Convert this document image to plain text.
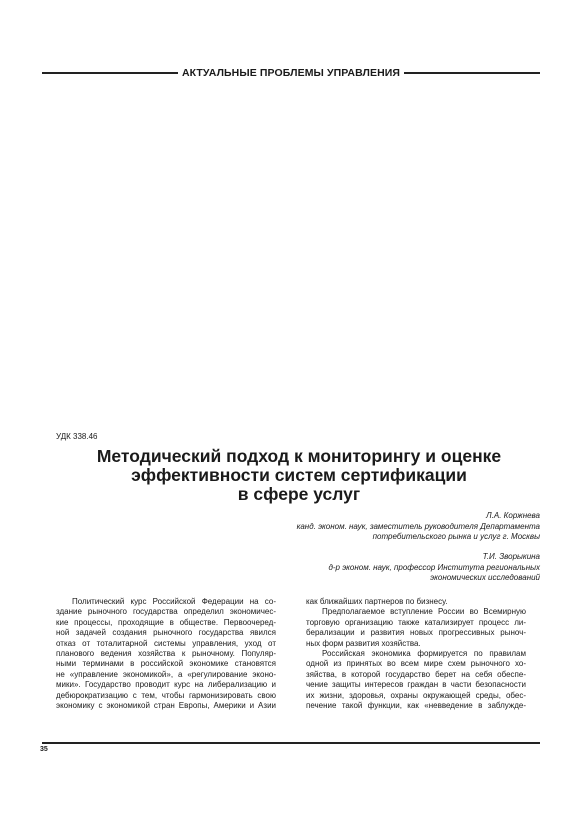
АКТУАЛЬНЫЕ ПРОБЛЕМЫ УПРАВЛЕНИЯ
УДК 338.46
Методический подход к мониторингу и оценке
эффективности систем сертификации
в сфере услуг
Л.А. Коржнева
канд. эконом. наук, заместитель руководителя Департамента
потребительского рынка и услуг г. Москвы
Т.И. Зворыкина
д-р эконом. наук, профессор Института региональных
экономических исследований
Политический курс Российской Федерации на со-
здание рыночного государства определил экономичес-
кие процессы, проходящие в обществе. Первоочеред-
ной задачей создания рыночного государства явился
отказ от тоталитарной системы управления, уход от
планового ведения хозяйства к рыночному. Популяр-
ными терминами в российской экономике становятся
не «управление экономикой», а «регулирование эконо-
мики». Государство проводит курс на либерализацию и
дебюрократизацию с тем, чтобы гармонизировать свою
экономику с экономикой стран Европы, Америки и Азии
как ближайших партнеров по бизнесу.
Предполагаемое вступление России во Всемирную
торговую организацию также катализирует процесс ли-
берализации и развития новых прогрессивных рыноч-
ных форм развития хозяйства.
Российская экономика формируется по правилам
одной из принятых во всем мире схем рыночного хо-
зяйства, в которой государство берет на себя обеспе-
чение защиты интересов граждан в части безопасности
их жизни, здоровья, охраны окружающей среды, обес-
печение такой функции, как «невведение в заблужде-
35
